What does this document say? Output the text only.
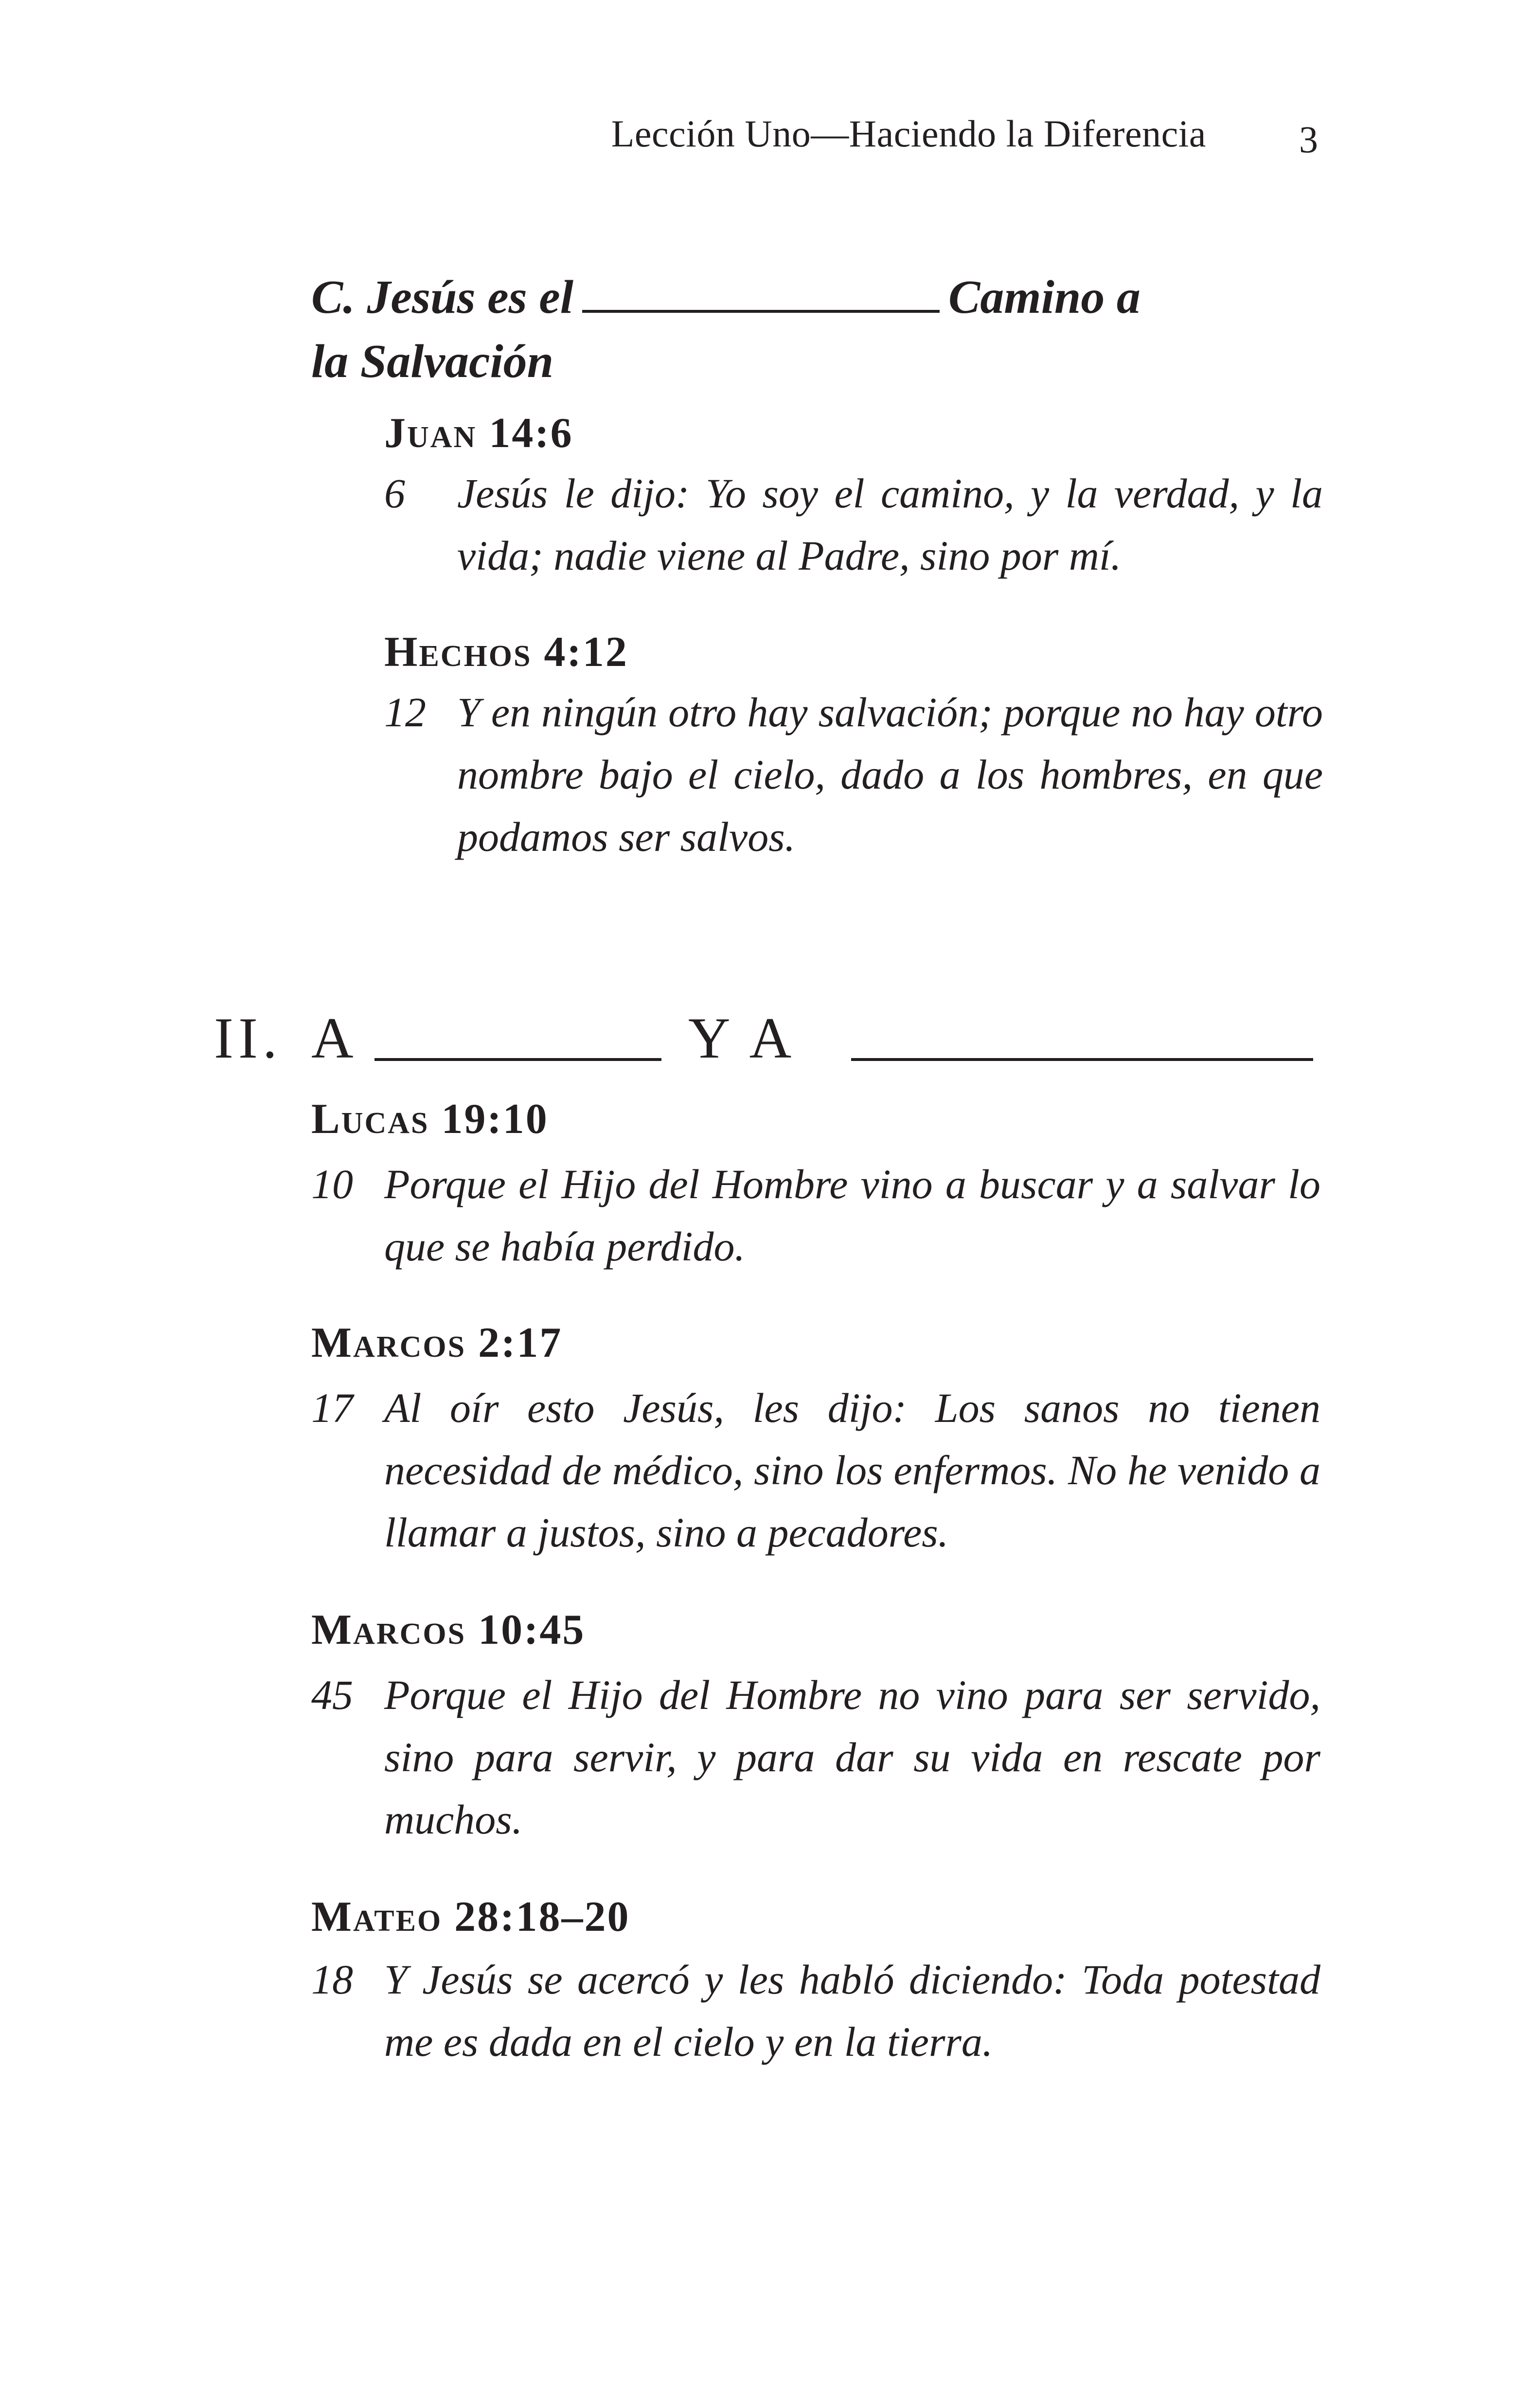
Lección Uno—Haciendo la Diferencia 3
C. Jesús es el	Camino a
la Salvación
Juan 14:6
6 Jesús le dijo: Yo soy el camino, y la verdad, y la vida; nadie viene al Padre, sino por mí.
Hechos 4:12
12 Y en ningún otro hay salvación; porque no hay otro nombre bajo el cielo, dado a los hombres, en que podamos ser salvos.
II. A	Y A
Lucas 19:10
10 Porque el Hijo del Hombre vino a buscar y a salvar lo que se había perdido.
Marcos 2:17
17 Al oír esto Jesús, les dijo: Los sanos no tienen necesidad de médico, sino los enfermos. No he venido a llamar a justos, sino a pecadores.
Marcos 10:45
45 Porque el Hijo del Hombre no vino para ser servido, sino para servir, y para dar su vida en rescate por muchos.
Mateo 28:18–20
18 Y Jesús se acercó y les habló diciendo: Toda potestad me es dada en el cielo y en la tierra.
